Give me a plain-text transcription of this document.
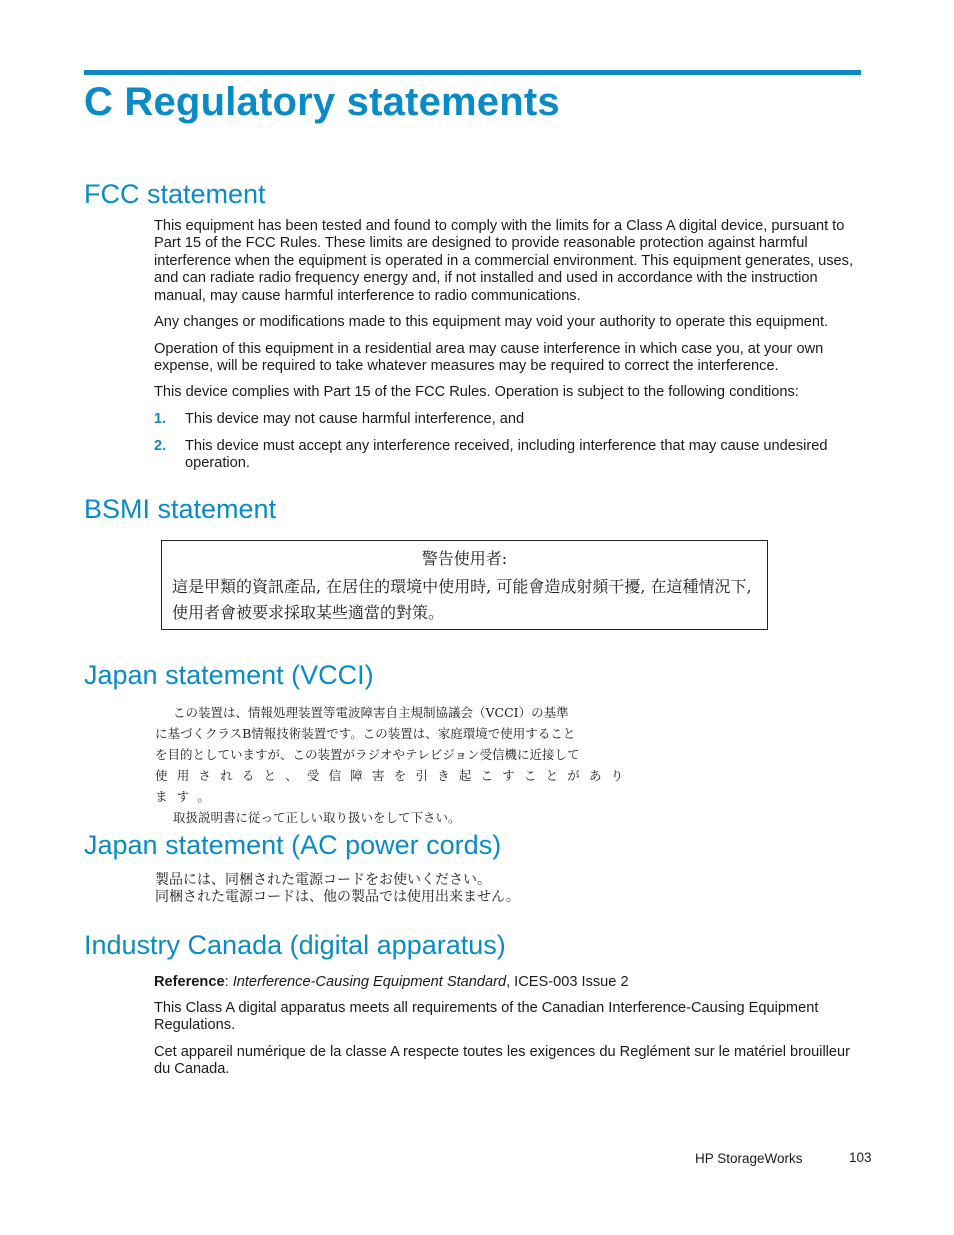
C Regulatory statements
FCC statement

This equipment has been tested and found to comply with the limits for a Class A digital device, pursuant to Part 15 of the FCC Rules. These limits are designed to provide reasonable protection against harmful interference when the equipment is operated in a commercial environment. This equipment generates, uses, and can radiate radio frequency energy and, if not installed and used in accordance with the instruction manual, may cause harmful interference to radio communications.

Any changes or modifications made to this equipment may void your authority to operate this equipment.

Operation of this equipment in a residential area may cause interference in which case you, at your own expense, will be required to take whatever measures may be required to correct the interference.

This device complies with Part 15 of the FCC Rules. Operation is subject to the following conditions:

1. This device may not cause harmful interference, and
2. This device must accept any interference received, including interference that may cause undesired operation.
BSMI statement
警告使用者:
這是甲類的資訊產品, 在居住的環境中使用時, 可能會造成射頻干擾, 在這種情況下, 使用者會被要求採取某些適當的對策。
Japan statement (VCCI)
この装置は、情報処理装置等電波障害自主規制協議会（VCCI）の基準
に基づくクラスB情報技術装置です。この装置は、家庭環境で使用すること
を目的としていますが、この装置がラジオやテレビジョン受信機に近接して
使用されると、受信障害を引き起こすことがあります。
取扱説明書に従って正しい取り扱いをして下さい。
Japan statement (AC power cords)
製品には、同梱された電源コードをお使いください。
同梱された電源コードは、他の製品では使用出来ません。
Industry Canada (digital apparatus)

Reference: Interference-Causing Equipment Standard, ICES-003 Issue 2

This Class A digital apparatus meets all requirements of the Canadian Interference-Causing Equipment Regulations.

Cet appareil numérique de la classe A respecte toutes les exigences du Reglément sur le matériel brouilleur du Canada.

HP StorageWorks	103
